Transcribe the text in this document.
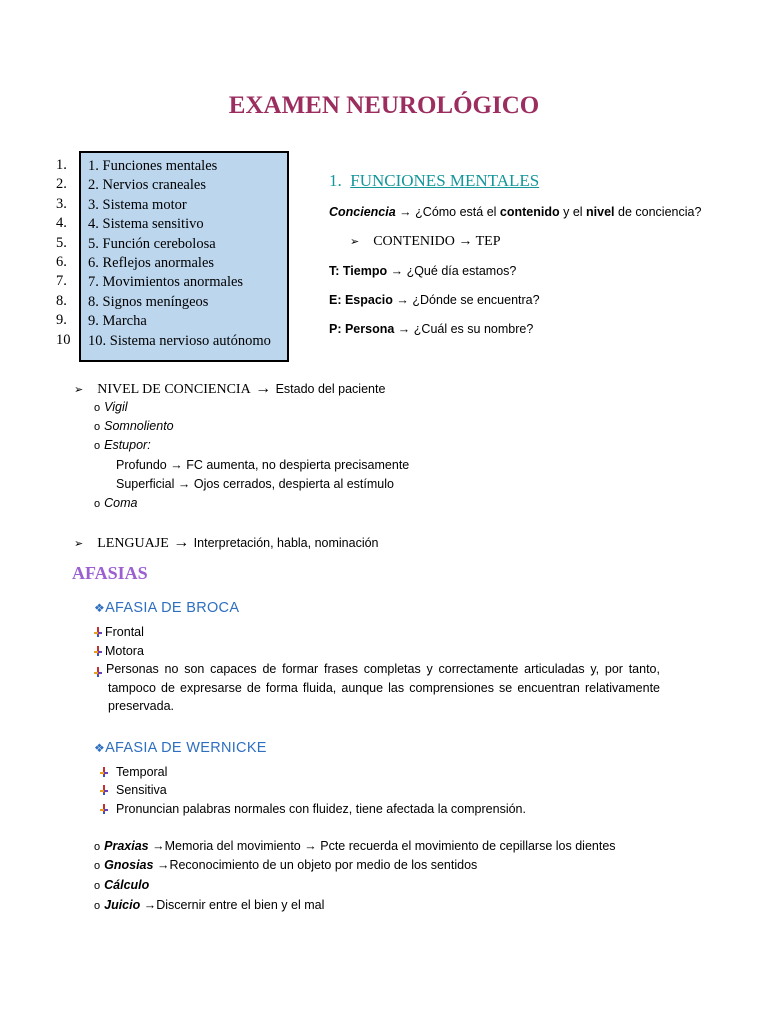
EXAMEN NEUROLÓGICO
1.
2.
3.
4.
5.
6.
7.
8.
9.
10
1. Funciones mentales
2. Nervios craneales
3. Sistema motor
4. Sistema sensitivo
5. Función cerebolosa
6. Reflejos anormales
7. Movimientos anormales
8. Signos meníngeos
9. Marcha
10. Sistema nervioso autónomo
1. FUNCIONES MENTALES
Conciencia → ¿Cómo está el contenido y el nivel de conciencia?
➢ CONTENIDO → TEP
T: Tiempo → ¿Qué día estamos?
E: Espacio → ¿Dónde se encuentra?
P: Persona → ¿Cuál es su nombre?
➢ NIVEL DE CONCIENCIA → Estado del paciente
o Vigil
o Somnoliento
o Estupor:
Profundo → FC aumenta, no despierta precisamente
Superficial → Ojos cerrados, despierta al estímulo
o Coma
➢ LENGUAJE → Interpretación, habla, nominación
AFASIAS
❖AFASIA DE BROCA
Frontal
Motora
Personas no son capaces de formar frases completas y correctamente articuladas y, por tanto, tampoco de expresarse de forma fluida, aunque las comprensiones se encuentran relativamente preservada.
❖AFASIA DE WERNICKE
Temporal
Sensitiva
Pronuncian palabras normales con fluidez, tiene afectada la comprensión.
o Praxias →Memoria del movimiento → Pcte recuerda el movimiento de cepillarse los dientes
o Gnosias →Reconocimiento de un objeto por medio de los sentidos
o Cálculo
o Juicio →Discernir entre el bien y el mal
